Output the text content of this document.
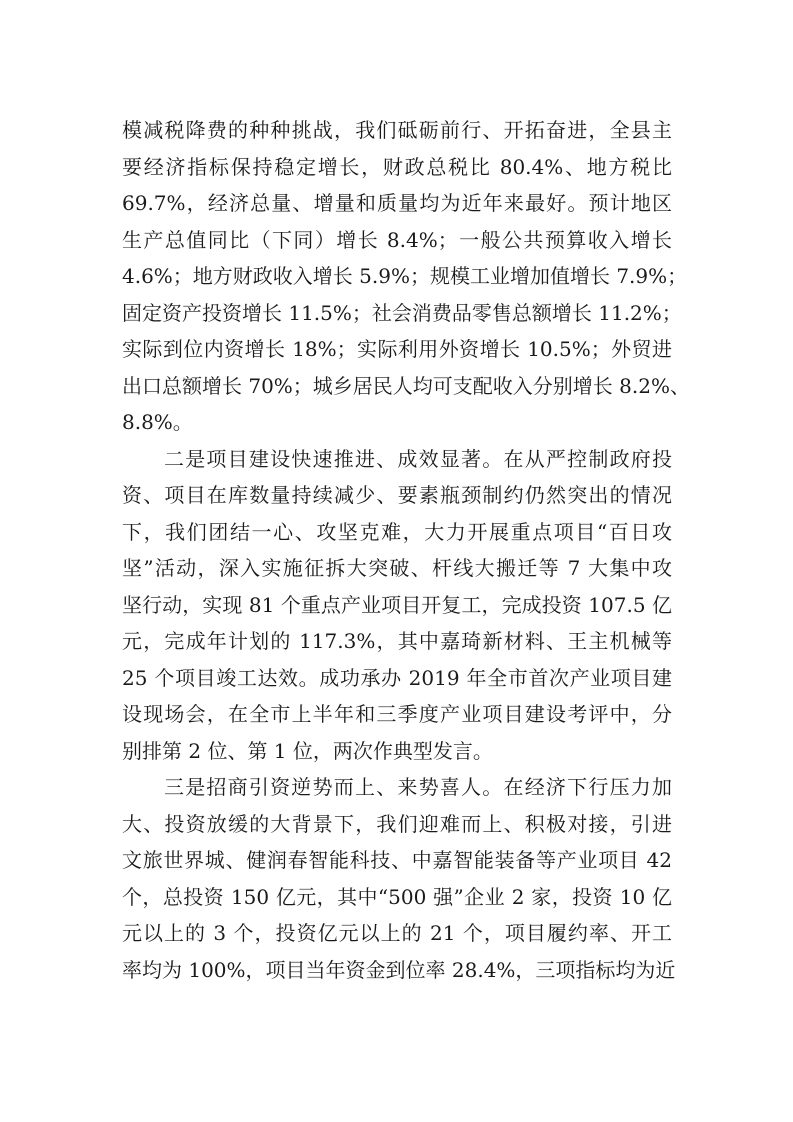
模减税降费的种种挑战，我们砥砺前行、开拓奋进，全县主
要经济指标保持稳定增长，财政总税比 80.4%、地方税比
69.7%，经济总量、增量和质量均为近年来最好。预计地区
生产总值同比（下同）增长 8.4%；一般公共预算收入增长
4.6%；地方财政收入增长 5.9%；规模工业增加值增长 7.9%；
固定资产投资增长 11.5%；社会消费品零售总额增长 11.2%；
实际到位内资增长 18%；实际利用外资增长 10.5%；外贸进
出口总额增长 70%；城乡居民人均可支配收入分别增长 8.2%、
8.8%。
二是项目建设快速推进、成效显著。在从严控制政府投
资、项目在库数量持续减少、要素瓶颈制约仍然突出的情况
下，我们团结一心、攻坚克难，大力开展重点项目“百日攻
坚”活动，深入实施征拆大突破、杆线大搬迁等 7 大集中攻
坚行动，实现 81 个重点产业项目开复工，完成投资 107.5 亿
元，完成年计划的 117.3%，其中嘉琦新材料、王主机械等
25 个项目竣工达效。成功承办 2019 年全市首次产业项目建
设现场会，在全市上半年和三季度产业项目建设考评中，分
别排第 2 位、第 1 位，两次作典型发言。
三是招商引资逆势而上、来势喜人。在经济下行压力加
大、投资放缓的大背景下，我们迎难而上、积极对接，引进
文旅世界城、健润春智能科技、中嘉智能装备等产业项目 42
个，总投资 150 亿元，其中“500 强”企业 2 家，投资 10 亿
元以上的 3 个，投资亿元以上的 21 个，项目履约率、开工
率均为 100%，项目当年资金到位率 28.4%，三项指标均为近
